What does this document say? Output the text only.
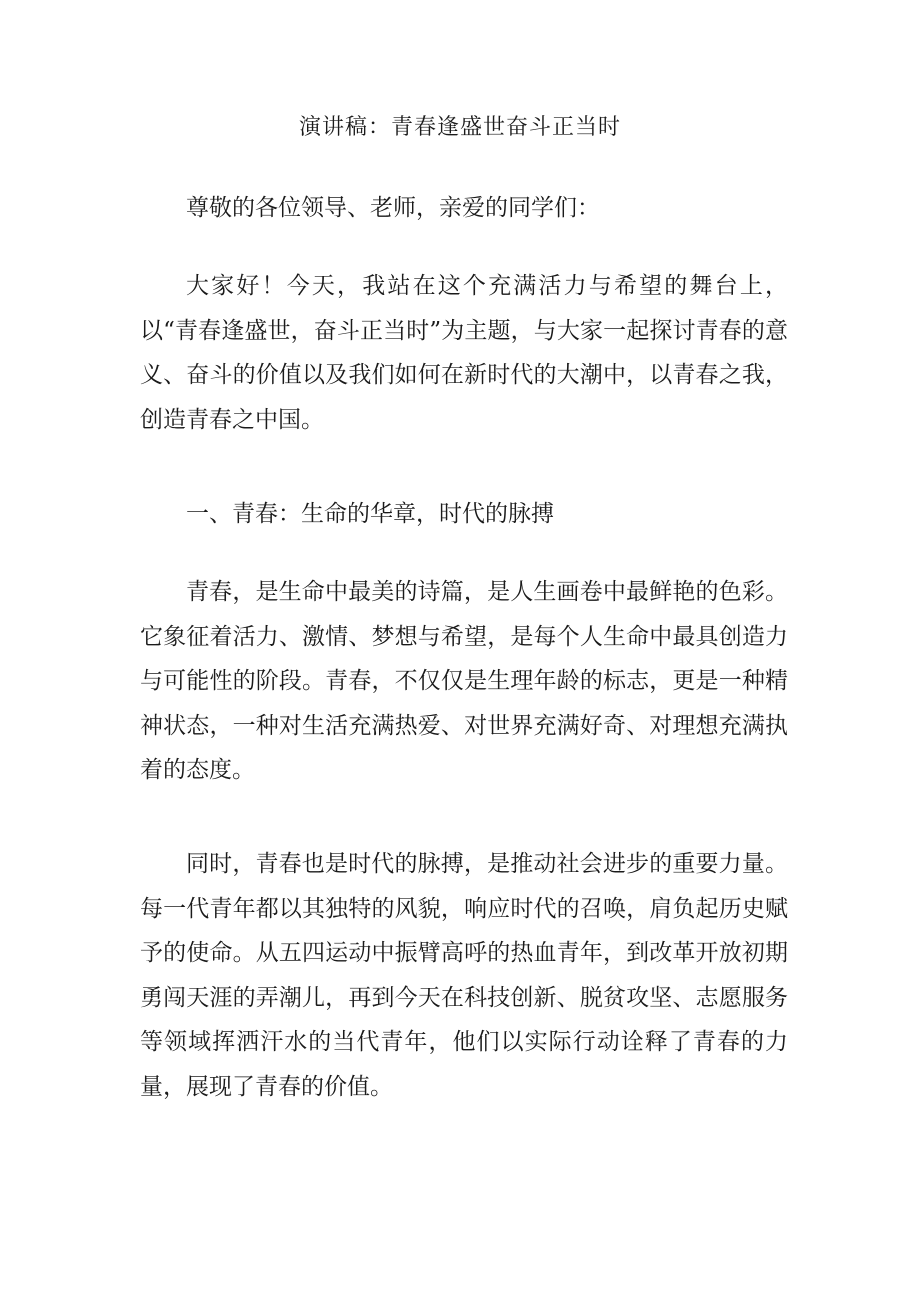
演讲稿：青春逢盛世奋斗正当时

尊敬的各位领导、老师，亲爱的同学们：

大家好！今天，我站在这个充满活力与希望的舞台上，以“青春逢盛世，奋斗正当时”为主题，与大家一起探讨青春的意义、奋斗的价值以及我们如何在新时代的大潮中，以青春之我，创造青春之中国。

一、青春：生命的华章，时代的脉搏

青春，是生命中最美的诗篇，是人生画卷中最鲜艳的色彩。它象征着活力、激情、梦想与希望，是每个人生命中最具创造力与可能性的阶段。青春，不仅仅是生理年龄的标志，更是一种精神状态，一种对生活充满热爱、对世界充满好奇、对理想充满执着的态度。

同时，青春也是时代的脉搏，是推动社会进步的重要力量。每一代青年都以其独特的风貌，响应时代的召唤，肩负起历史赋予的使命。从五四运动中振臂高呼的热血青年，到改革开放初期勇闯天涯的弄潮儿，再到今天在科技创新、脱贫攻坚、志愿服务等领域挥洒汗水的当代青年，他们以实际行动诠释了青春的力量，展现了青春的价值。
